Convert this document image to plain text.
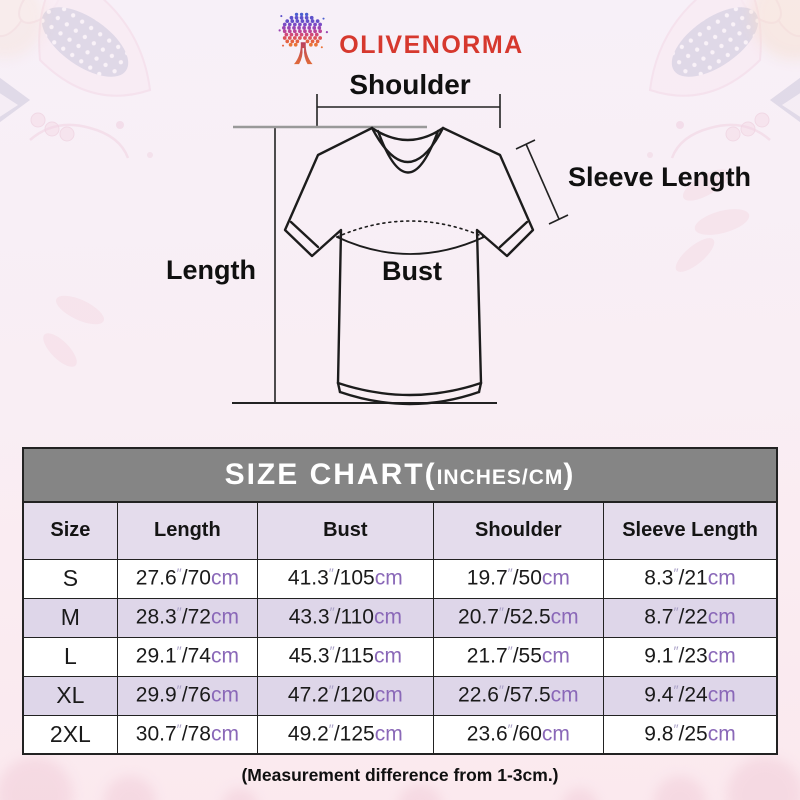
OLIVENORMA
Shoulder
Sleeve Length
Length	Bust
SIZE CHART(INCHES/CM)				
Size	Length	Bust	Shoulder	Sleeve Length
S	27.6″/70cm	41.3″/105cm	19.7″/50cm	8.3″/21cm
M	28.3″/72cm	43.3″/110cm	20.7″/52.5cm	8.7″/22cm
L	29.1″/74cm	45.3″/115cm	21.7″/55cm	9.1″/23cm
XL	29.9″/76cm	47.2″/120cm	22.6″/57.5cm	9.4″/24cm
2XL	30.7″/78cm	49.2″/125cm	23.6″/60cm	9.8″/25cm
(Measurement difference from 1-3cm.)
